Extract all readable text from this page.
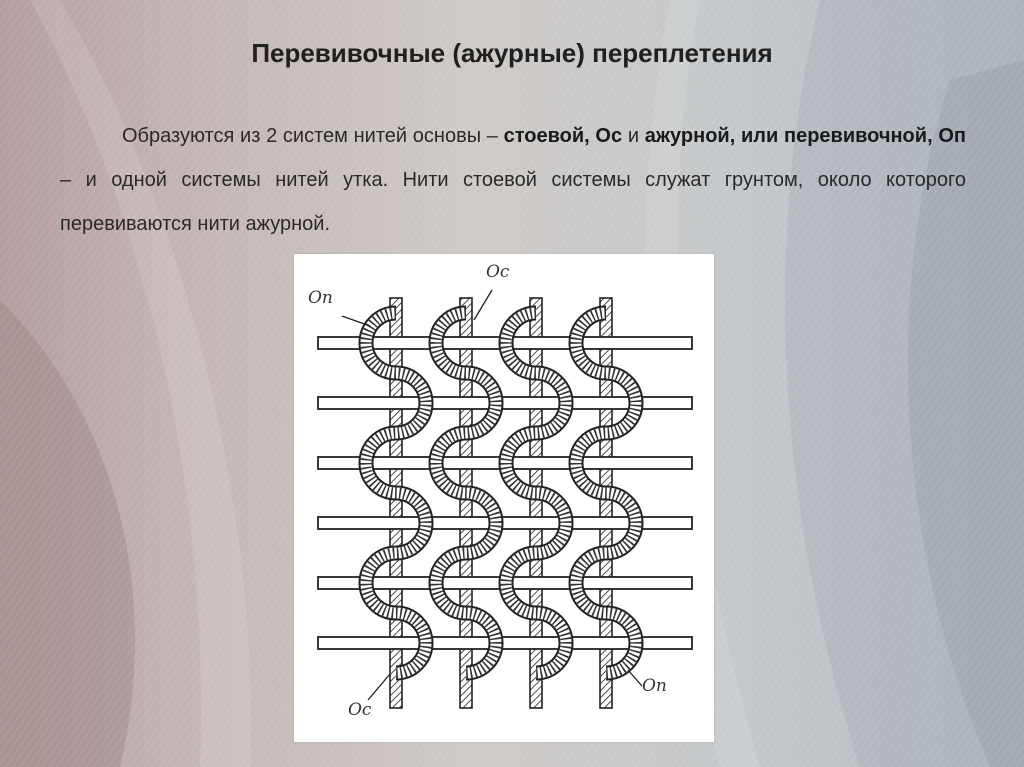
Перевивочные (ажурные) переплетения
Образуются из 2 систем нитей основы – стоевой, Ос и ажурной, или перевивочной, Оп – и одной системы нитей утка. Нити стоевой системы служат грунтом, около которого перевиваются нити ажурной.
Оп
Ос
Ос
Оп
